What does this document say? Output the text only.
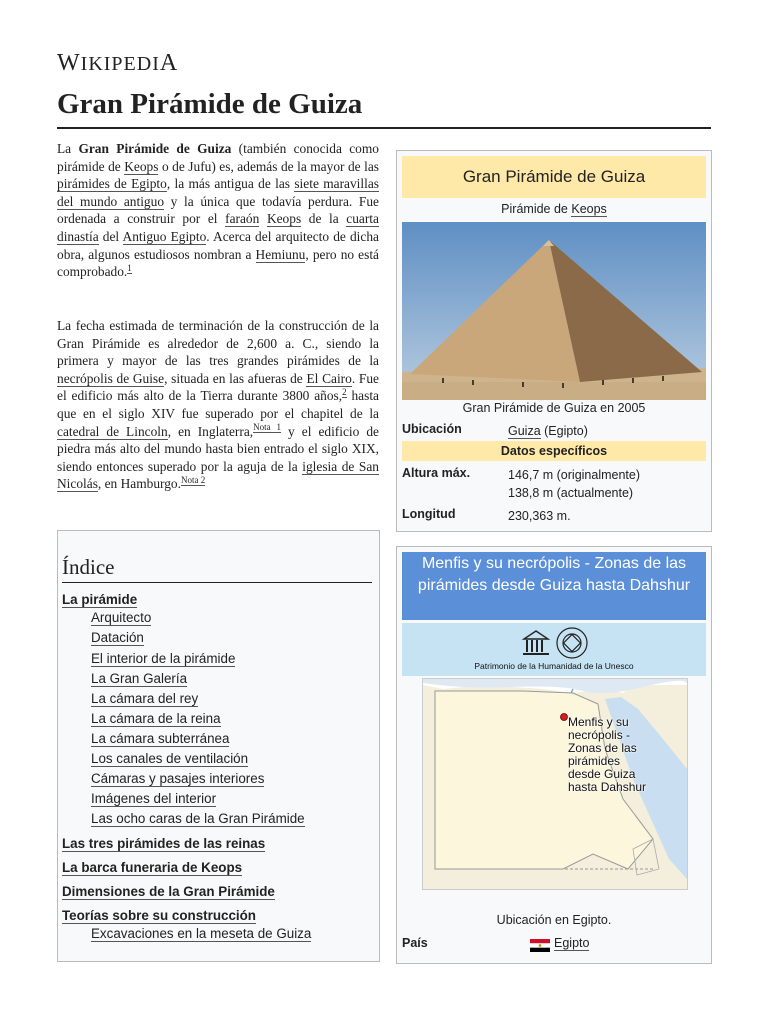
WIKIPEDIA
Gran Pirámide de Guiza
La Gran Pirámide de Guiza (también conocida como pirámide de Keops o de Jufu) es, además de la mayor de las pirámides de Egipto, la más antigua de las siete maravillas del mundo antiguo y la única que todavía perdura. Fue ordenada a construir por el faraón Keops de la cuarta dinastía del Antiguo Egipto. Acerca del arquitecto de dicha obra, algunos estudiosos nombran a Hemiunu, pero no está comprobado.$^1$
La fecha estimada de terminación de la construcción de la Gran Pirámide es alrededor de 2,600 a. C., siendo la primera y mayor de las tres grandes pirámides de la necrópolis de Guise, situada en las afueras de El Cairo. Fue el edificio más alto de la Tierra durante 3800 años,$^2$ hasta que en el siglo XIV fue superado por el chapitel de la catedral de Lincoln, en Inglaterra,$^{Nota 1}$ y el edificio de piedra más alto del mundo hasta bien entrado el siglo XIX, siendo entonces superado por la aguja de la iglesia de San Nicolás, en Hamburgo.$^{Nota 2}$
Gran Pirámide de Guiza
Pirámide de Keops
Gran Pirámide de Guiza en 2005
Ubicación	Guiza (Egipto)
Datos específicos
Altura máx.	146,7 m (originalmente)
138,8 m (actualmente)
Longitud	230,363 m.
Índice
La pirámide
Arquitecto
Datación
El interior de la pirámide
La Gran Galería
La cámara del rey
La cámara de la reina
La cámara subterránea
Los canales de ventilación
Cámaras y pasajes interiores
Imágenes del interior
Las ocho caras de la Gran Pirámide
Las tres pirámides de las reinas
La barca funeraria de Keops
Dimensiones de la Gran Pirámide
Teorías sobre su construcción
Excavaciones en la meseta de Guiza
Menfis y su necrópolis - Zonas de las pirámides desde Guiza hasta Dahshur
Patrimonio de la Humanidad de la Unesco
Menfis y su necrópolis - Zonas de las pirámides desde Guiza hasta Dahshur
Ubicación en Egipto.
País	Egipto
